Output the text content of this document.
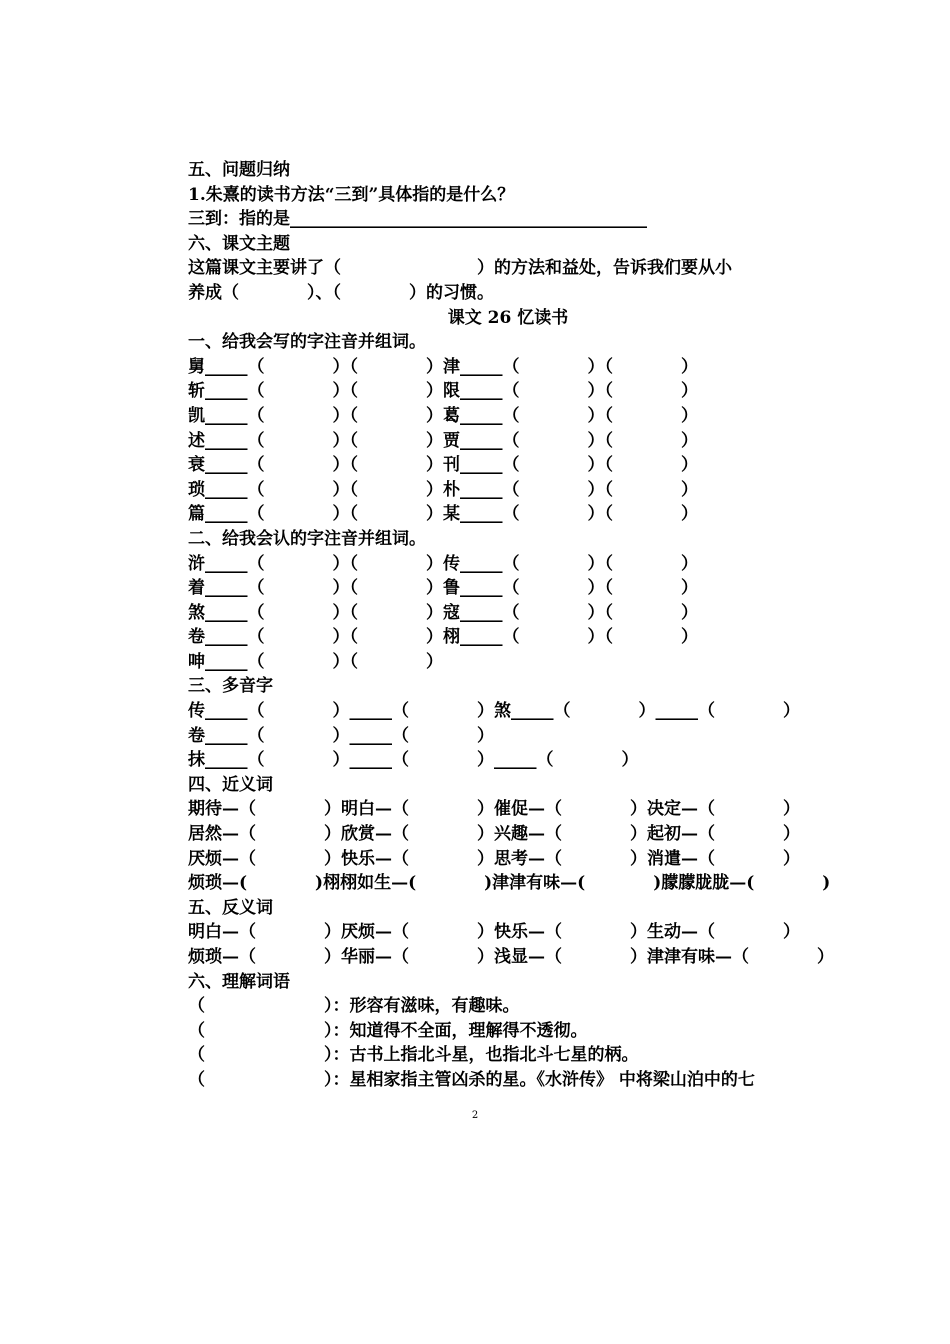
五、问题归纳
1.朱熹的读书方法“三到”具体指的是什么？
三到：指的是__________________________________________
六、课文主题
这篇课文主要讲了（　　　　　　　　）的方法和益处，告诉我们要从小
养成（　　　　）、（　　　　）的习惯。
课文 26 忆读书
一、给我会写的字注音并组词。
舅_____（　　　　）（　　　　）津_____（　　　　）（　　　　）
斩_____（　　　　）（　　　　）限_____（　　　　）（　　　　）
凯_____（　　　　）（　　　　）葛_____（　　　　）（　　　　）
述_____（　　　　）（　　　　）贾_____（　　　　）（　　　　）
衰_____（　　　　）（　　　　）刊_____（　　　　）（　　　　）
琐_____（　　　　）（　　　　）朴_____（　　　　）（　　　　）
篇_____（　　　　）（　　　　）某_____（　　　　）（　　　　）
二、给我会认的字注音并组词。
浒_____（　　　　）（　　　　）传_____（　　　　）（　　　　）
着_____（　　　　）（　　　　）鲁_____（　　　　）（　　　　）
煞_____（　　　　）（　　　　）寇_____（　　　　）（　　　　）
卷_____（　　　　）（　　　　）栩_____（　　　　）（　　　　）
呻_____（　　　　）（　　　　）
三、多音字
传_____（　　　　）_____（　　　　）煞_____（　　　　）_____（　　　　）
卷_____（　　　　）_____（　　　　）
抹_____（　　　　）_____（　　　　）_____（　　　　）
四、近义词
期待—（　　　　）明白—（　　　　）催促—（　　　　）决定—（　　　　）
居然—（　　　　）欣赏—（　　　　）兴趣—（　　　　）起初—（　　　　）
厌烦—（　　　　）快乐—（　　　　）思考—（　　　　）消遣—（　　　　）
烦琐—(　　　　)栩栩如生—(　　　　)津津有味—(　　　　)朦朦胧胧—(　　　　)
五、反义词
明白—（　　　　）厌烦—（　　　　）快乐—（　　　　）生动—（　　　　）
烦琐—（　　　　）华丽—（　　　　）浅显—（　　　　）津津有味—（　　　　）
六、理解词语
（　　　　　　　）：形容有滋味，有趣味。
（　　　　　　　）：知道得不全面，理解得不透彻。
（　　　　　　　）：古书上指北斗星，也指北斗七星的柄。
（　　　　　　　）：星相家指主管凶杀的星。《水浒传》 中将梁山泊中的七
2
